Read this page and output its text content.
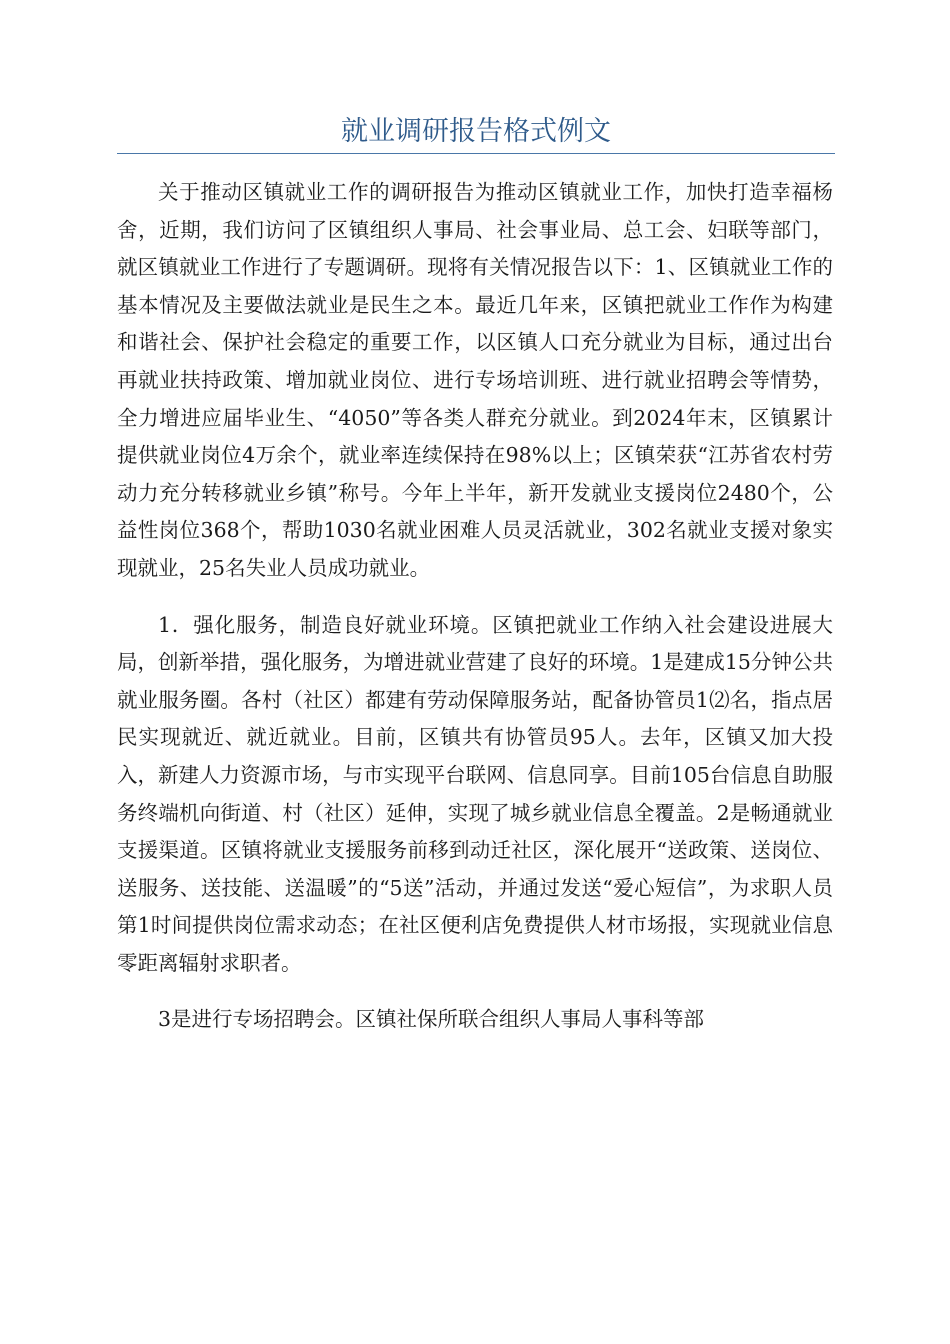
就业调研报告格式例文

关于推动区镇就业工作的调研报告为推动区镇就业工作，加快打造幸福杨舍，近期，我们访问了区镇组织人事局、社会事业局、总工会、妇联等部门，就区镇就业工作进行了专题调研。现将有关情况报告以下：1、区镇就业工作的基本情况及主要做法就业是民生之本。最近几年来，区镇把就业工作作为构建和谐社会、保护社会稳定的重要工作，以区镇人口充分就业为目标，通过出台再就业扶持政策、增加就业岗位、进行专场培训班、进行就业招聘会等情势，全力增进应届毕业生、“4050”等各类人群充分就业。到2024年末，区镇累计提供就业岗位4万余个，就业率连续保持在98%以上；区镇荣获“江苏省农村劳动力充分转移就业乡镇”称号。今年上半年，新开发就业支援岗位2480个，公益性岗位368个，帮助1030名就业困难人员灵活就业，302名就业支援对象实现就业，25名失业人员成功就业。

1．强化服务，制造良好就业环境。区镇把就业工作纳入社会建设进展大局，创新举措，强化服务，为增进就业营建了良好的环境。1是建成15分钟公共就业服务圈。各村（社区）都建有劳动保障服务站，配备协管员1⑵名，指点居民实现就近、就近就业。目前，区镇共有协管员95人。去年，区镇又加大投入，新建人力资源市场，与市实现平台联网、信息同享。目前105台信息自助服务终端机向街道、村（社区）延伸，实现了城乡就业信息全覆盖。2是畅通就业支援渠道。区镇将就业支援服务前移到动迁社区，深化展开“送政策、送岗位、送服务、送技能、送温暖”的“5送”活动，并通过发送“爱心短信”，为求职人员第1时间提供岗位需求动态；在社区便利店免费提供人材市场报，实现就业信息零距离辐射求职者。

3是进行专场招聘会。区镇社保所联合组织人事局人事科等部
